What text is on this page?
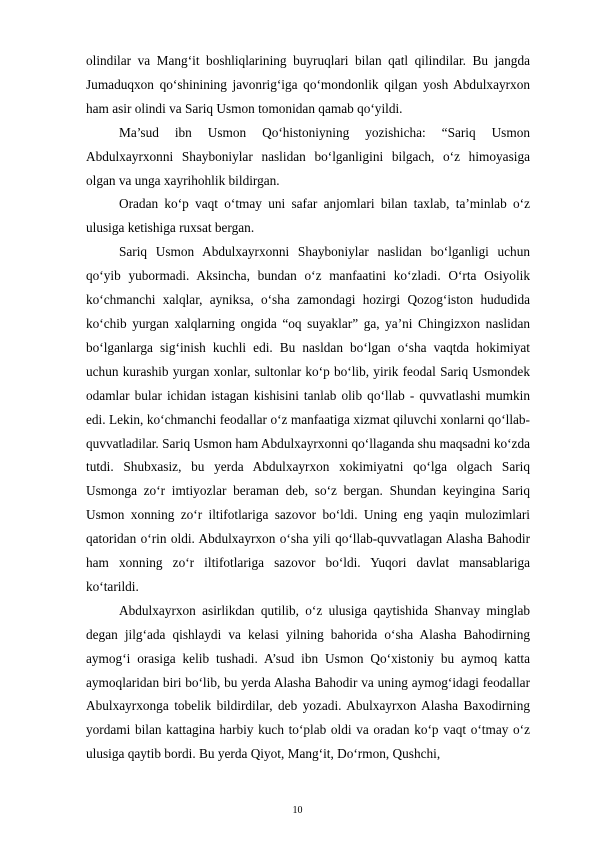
olindilar va Mang‘it boshliqlarining buyruqlari bilan qatl qilindilar. Bu jangda Jumaduqxon qo‘shinining javonrig‘iga qo‘mondonlik qilgan yosh Abdulxayrxon ham asir olindi va Sariq Usmon tomonidan qamab qo‘yildi.

Ma’sud ibn Usmon Qo‘histoniyning yozishicha: “Sariq Usmon Abdulxayrxonni Shayboniylar naslidan bo‘lganligini bilgach, o‘z himoyasiga olgan va unga xayrihohlik bildirgan.

Oradan ko‘p vaqt o‘tmay uni safar anjomlari bilan taxlab, ta’minlab o‘z ulusiga ketishiga ruxsat bergan.

Sariq Usmon Abdulxayrxonni Shayboniylar naslidan bo‘lganligi uchun qo‘yib yubormadi. Aksincha, bundan o‘z manfaatini ko‘zladi. O‘rta Osiyolik ko‘chmanchi xalqlar, ayniksa, o‘sha zamondagi hozirgi Qozog‘iston hududida ko‘chib yurgan xalqlarning ongida “oq suyaklar” ga, ya’ni Chingizxon naslidan bo‘lganlarga sig‘inish kuchli edi. Bu nasldan bo‘lgan o‘sha vaqtda hokimiyat uchun kurashib yurgan xonlar, sultonlar ko‘p bo‘lib, yirik feodal Sariq Usmondek odamlar bular ichidan istagan kishisini tanlab olib qo‘llab - quvvatlashi mumkin edi. Lekin, ko‘chmanchi feodallar o‘z manfaatiga xizmat qiluvchi xonlarni qo‘llab-quvvatladilar. Sariq Usmon ham Abdulxayrxonni qo‘llaganda shu maqsadni ko‘zda tutdi. Shubxasiz, bu yerda Abdulxayrxon xokimiyatni qo‘lga olgach Sariq Usmonga zo‘r imtiyozlar beraman deb, so‘z bergan. Shundan keyingina Sariq Usmon xonning zo‘r iltifotlariga sazovor bo‘ldi. Uning eng yaqin mulozimlari qatoridan o‘rin oldi. Abdulxayrxon o‘sha yili qo‘llab-quvvatlagan Alasha Bahodir ham xonning zo‘r iltifotlariga sazovor bo‘ldi. Yuqori davlat mansablariga ko‘tarildi.

Abdulxayrxon asirlikdan qutilib, o‘z ulusiga qaytishida Shanvay minglab degan jilg‘ada qishlaydi va kelasi yilning bahorida o‘sha Alasha Bahodirning aymog‘i orasiga kelib tushadi. A’sud ibn Usmon Qo‘xistoniy bu aymoq katta aymoqlaridan biri bo‘lib, bu yerda Alasha Bahodir va uning aymog‘idagi feodallar Abulxayrxonga tobelik bildirdilar, deb yozadi. Abulxayrxon Alasha Baxodirning yordami bilan kattagina harbiy kuch to‘plab oldi va oradan ko‘p vaqt o‘tmay o‘z ulusiga qaytib bordi. Bu yerda Qiyot, Mang‘it, Do‘rmon, Qushchi,

10
